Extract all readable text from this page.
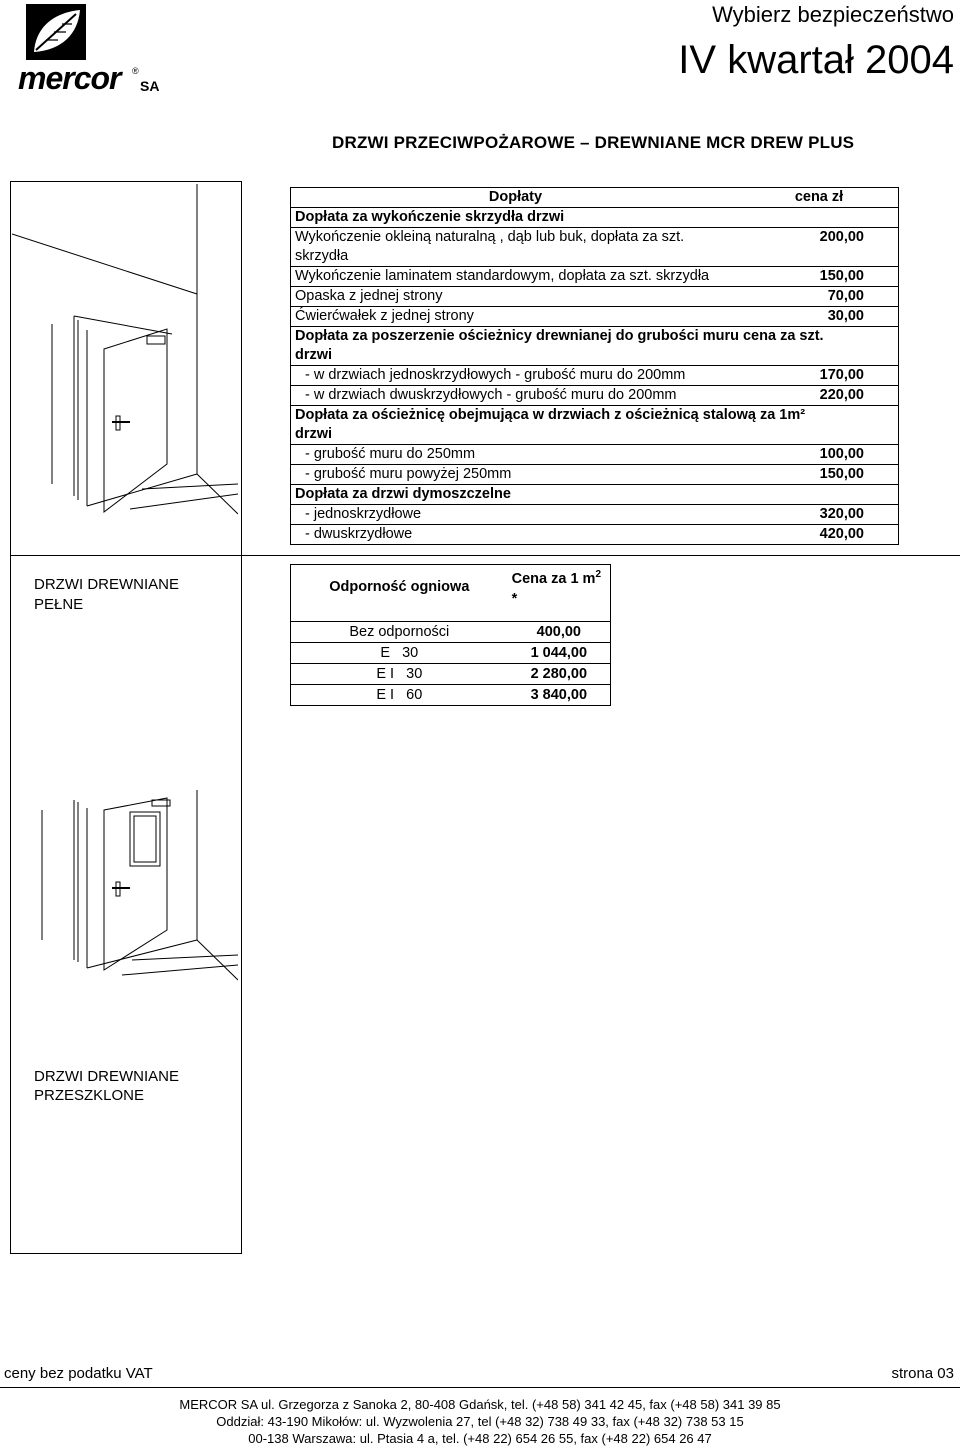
mercor ®
SA
Wybierz bezpieczeństwo
IV kwartał 2004
DRZWI PRZECIWPOŻAROWE – DREWNIANE MCR DREW PLUS
Dopłaty	cena zł
Dopłata za wykończenie skrzydła drzwi	
Wykończenie okleiną naturalną , dąb lub buk, dopłata za szt.	200,00
skrzydła	
Wykończenie laminatem standardowym, dopłata za szt. skrzydła	150,00
Opaska z jednej strony	70,00
Ćwierćwałek z jednej strony	30,00
Dopłata za poszerzenie ościeżnicy drewnianej do grubości muru cena za szt.	
drzwi	
- w drzwiach jednoskrzydłowych - grubość muru do 200mm	170,00
- w drzwiach dwuskrzydłowych - grubość muru do 200mm	220,00
Dopłata za ościeżnicę obejmująca w drzwiach z ościeżnicą stalową za 1m²	
drzwi	
- grubość muru do 250mm	100,00
- grubość muru powyżej 250mm	150,00
Dopłata za drzwi dymoszczelne	
- jednoskrzydłowe	320,00
- dwuskrzydłowe	420,00
Odporność ogniowa	Cena za 1 $m^2$ *
Bez odporności	400,00
E   30	1 044,00
E I   30	2 280,00
E I   60	3 840,00
DRZWI DREWNIANE
PEŁNE
DRZWI DREWNIANE
PRZESZKLONE
ceny bez podatku VAT	strona 03
MERCOR SA ul. Grzegorza z Sanoka 2, 80-408 Gdańsk, tel. (+48 58) 341 42 45, fax (+48 58) 341 39 85
Oddział: 43-190 Mikołów: ul. Wyzwolenia 27, tel (+48 32) 738 49 33, fax (+48 32) 738 53 15
00-138 Warszawa: ul. Ptasia 4 a, tel. (+48 22) 654 26 55, fax (+48 22) 654 26 47
